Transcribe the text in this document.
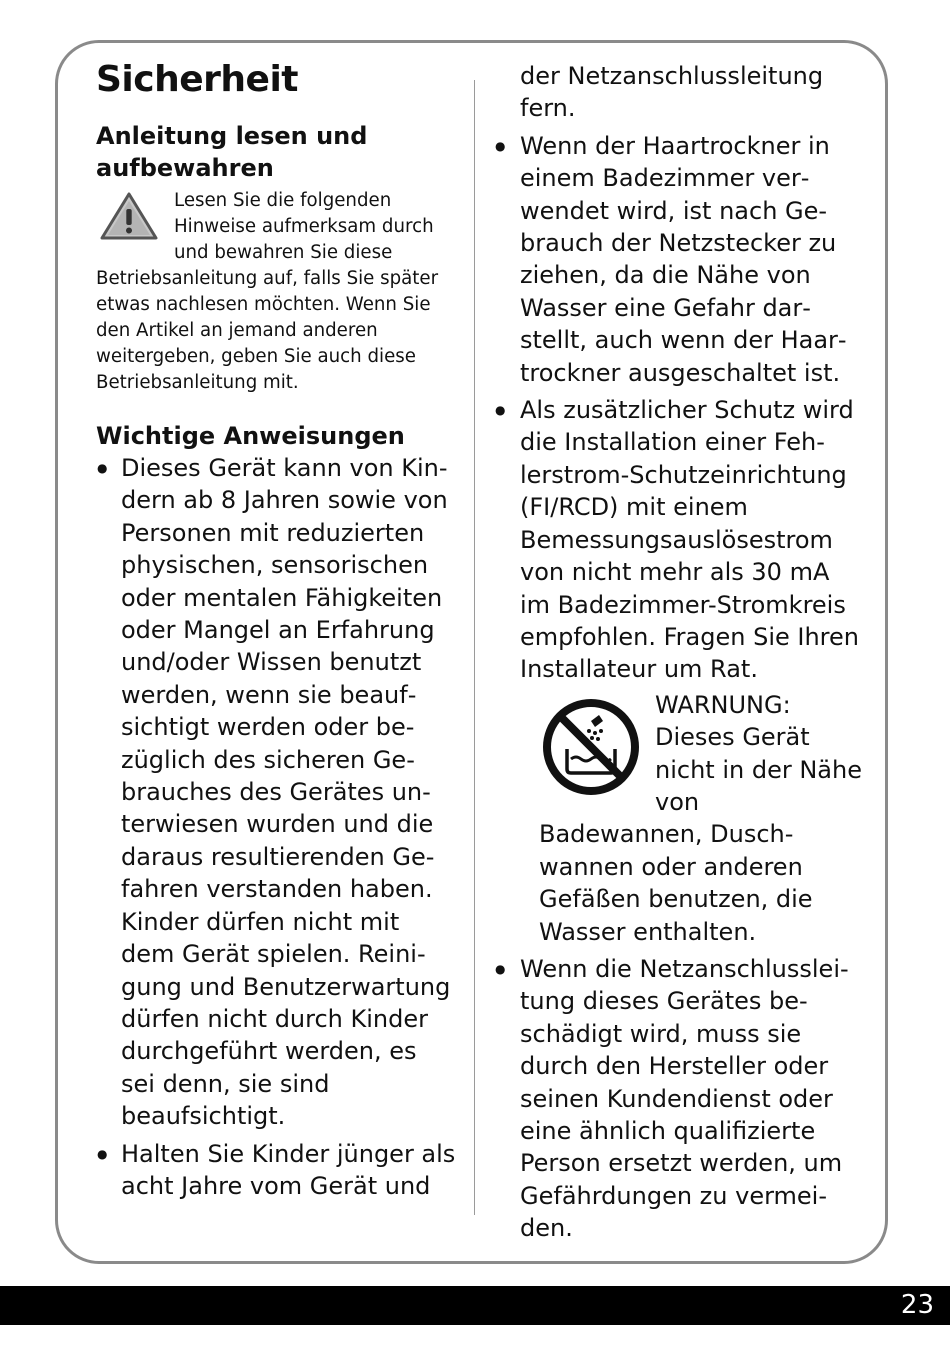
Sicherheit
Anleitung lesen und aufbewahren
Lesen Sie die folgenden Hinweise aufmerksam durch und bewahren Sie diese Betriebsanleitung auf, falls Sie später etwas nachlesen möchten. Wenn Sie den Artikel an jemand anderen weitergeben, geben Sie auch diese Betriebsanleitung mit.
Wichtige Anweisungen
● Dieses Gerät kann von Kindern ab 8 Jahren sowie von Personen mit reduzierten physischen, sensorischen oder mentalen Fähigkeiten oder Mangel an Erfahrung und/oder Wissen benutzt werden, wenn sie beaufsichtigt werden oder bezüglich des sicheren Gebrauches des Gerätes unterwiesen wurden und die daraus resultierenden Gefahren verstanden haben. Kinder dürfen nicht mit dem Gerät spielen. Reinigung und Benutzerwartung dürfen nicht durch Kinder durchgeführt werden, es sei denn, sie sind beaufsichtigt.
● Halten Sie Kinder jünger als acht Jahre vom Gerät und

der Netzanschlussleitung fern.

● Wenn der Haartrockner in einem Badezimmer verwendet wird, ist nach Gebrauch der Netzstecker zu ziehen, da die Nähe von Wasser eine Gefahr darstellt, auch wenn der Haartrockner ausgeschaltet ist.
● Als zusätzlicher Schutz wird die Installation einer Fehlerstrom-Schutzeinrichtung (FI/RCD) mit einem Bemessungsauslösestrom von nicht mehr als 30 mA im Badezimmer-Stromkreis empfohlen. Fragen Sie Ihren Installateur um Rat.
WARNUNG: Dieses Gerät nicht in der Nähe von Badewannen, Duschwannen oder anderen Gefäßen benutzen, die Wasser enthalten.
● Wenn die Netzanschlussleitung dieses Gerätes beschädigt wird, muss sie durch den Hersteller oder seinen Kundendienst oder eine ähnlich qualifizierte Person ersetzt werden, um Gefährdungen zu vermeiden.
23
